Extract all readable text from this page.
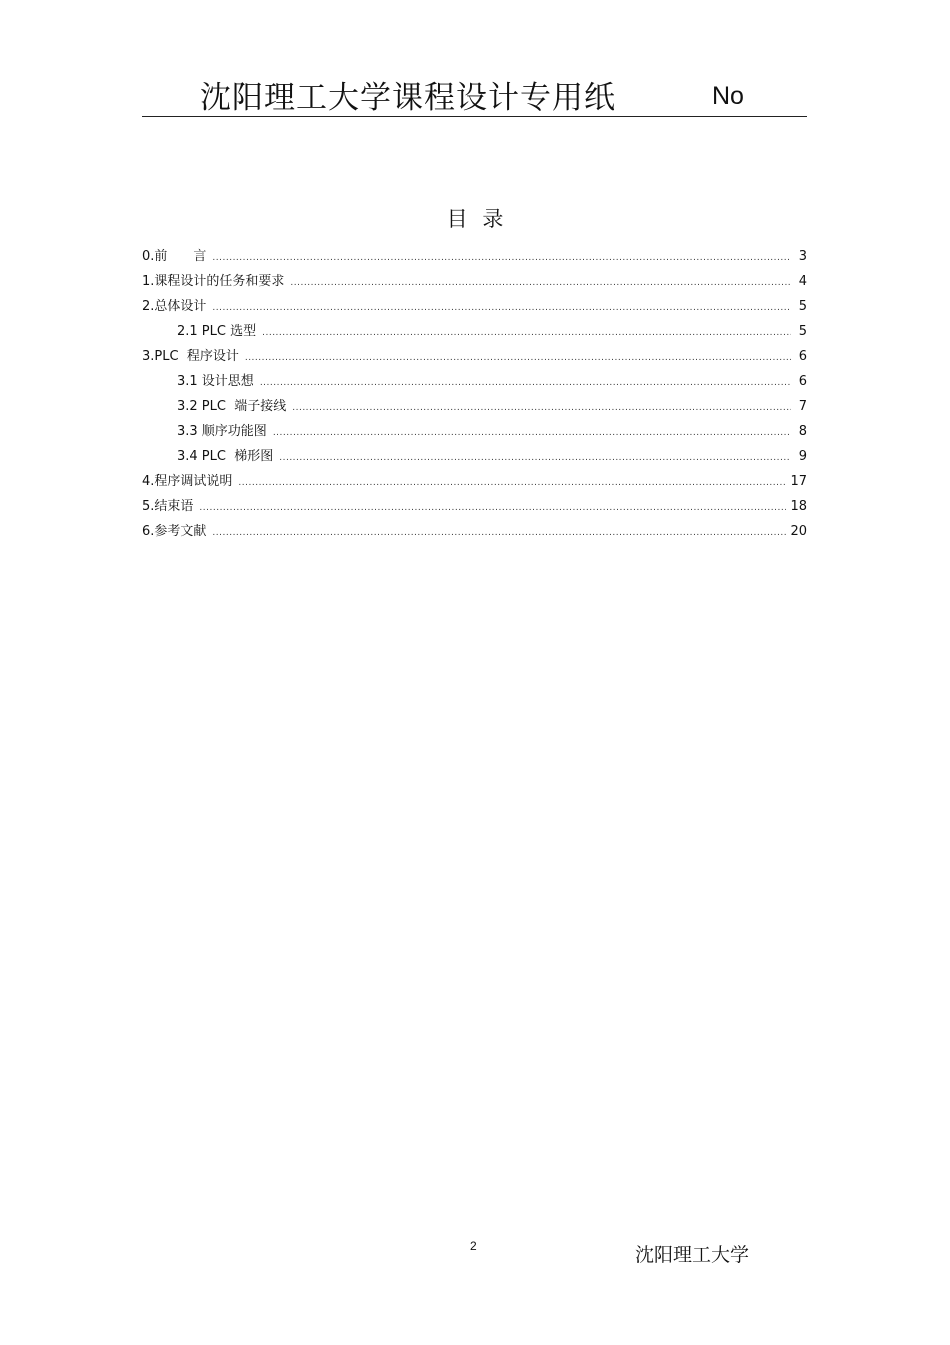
沈阳理工大学课程设计专用纸	No
目 录
0.前　　言 .....	3
1.课程设计的任务和要求 .....	4
2.总体设计 .....	5
2.1 PLC 选型 .....	5
3.PLC  程序设计 .....	6
3.1 设计思想 .....	6
3.2 PLC  端子接线 .....	7
3.3 顺序功能图 .....	8
3.4 PLC  梯形图 .....	9
4.程序调试说明 .....	17
5.结束语 .....	18
6.参考文献 .....	20
2	沈阳理工大学
